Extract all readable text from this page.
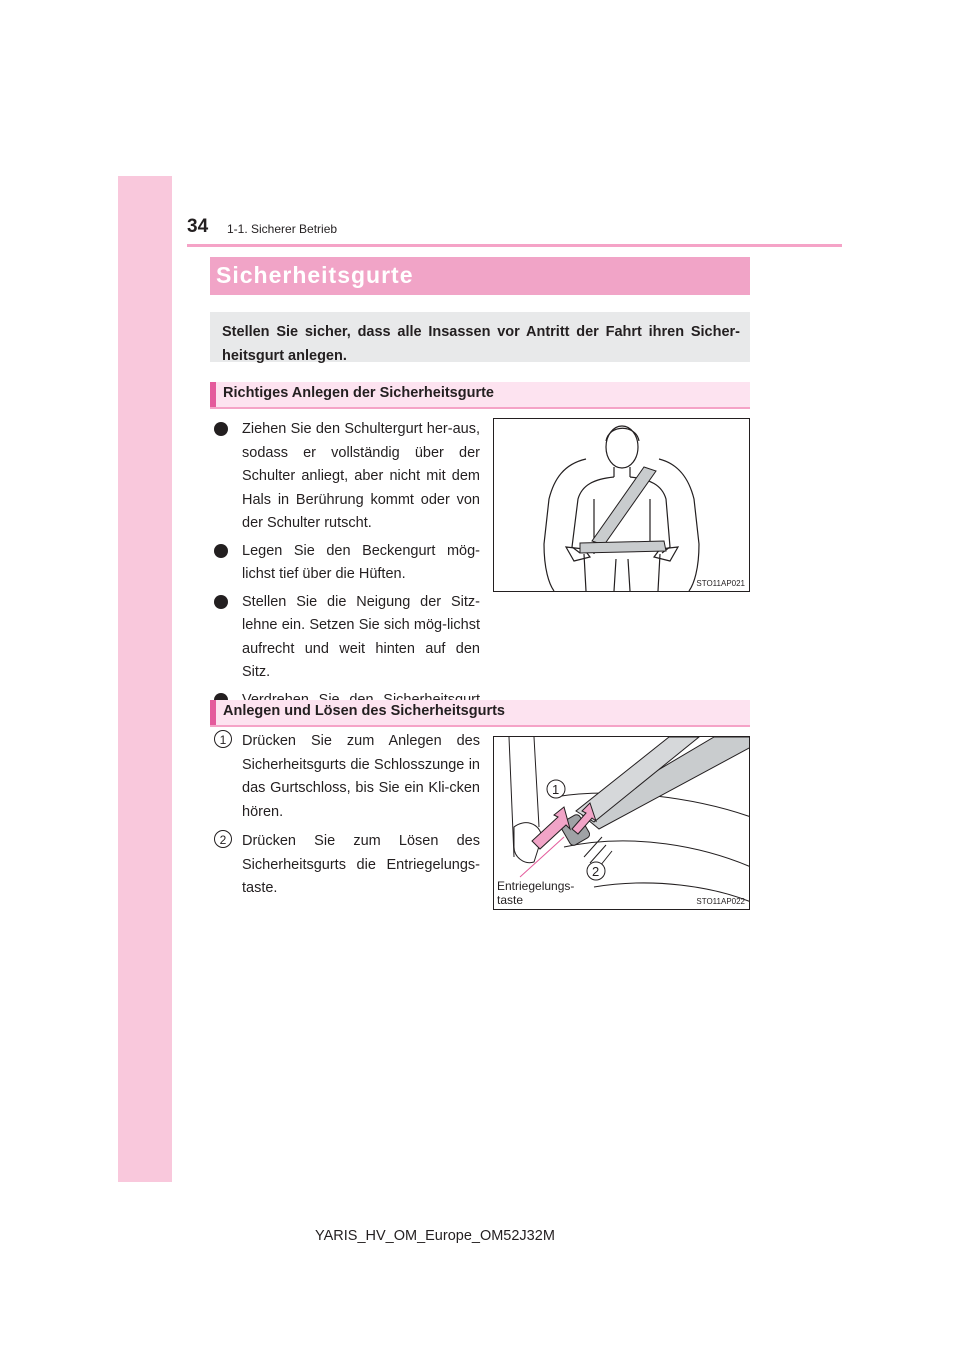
34 1-1. Sicherer Betrieb
Sicherheitsgurte

Stellen Sie sicher, dass alle Insassen vor Antritt der Fahrt ihren Sicher-heitsgurt anlegen.

Richtiges Anlegen der Sicherheitsgurte
Ziehen Sie den Schultergurt her-aus, sodass er vollständig über der Schulter anliegt, aber nicht mit dem Hals in Berührung kommt oder von der Schulter rutscht.
Legen Sie den Beckengurt mög-lichst tief über die Hüften.
Stellen Sie die Neigung der Sitz-lehne ein. Setzen Sie sich mög-lichst aufrecht und weit hinten auf den Sitz.
STO11AP021
Anlegen und Lösen des Sicherheitsgurts
1	Drücken Sie zum Anlegen des Sicherheitsgurts die Schlosszunge in das Gurtschloss, bis Sie ein Kli-cken hören.
2	Drücken Sie zum Lösen des Sicherheitsgurts die Entriegelungs-taste.
1
2
Entriegelungs-
taste	STO11AP022
YARIS_HV_OM_Europe_OM52J32M
